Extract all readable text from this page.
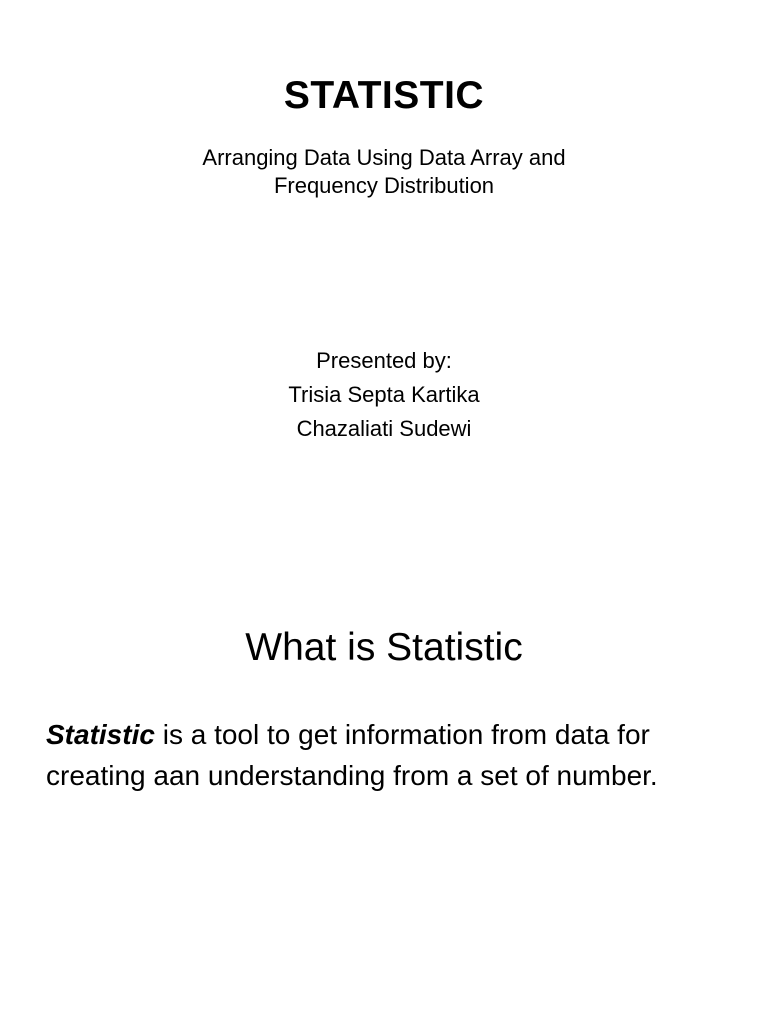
STATISTIC
Arranging Data Using Data Array and
Frequency Distribution
Presented by:
Trisia Septa Kartika
Chazaliati Sudewi
What is Statistic
Statistic is a tool to get information from data for creating aan understanding from a set of number.
